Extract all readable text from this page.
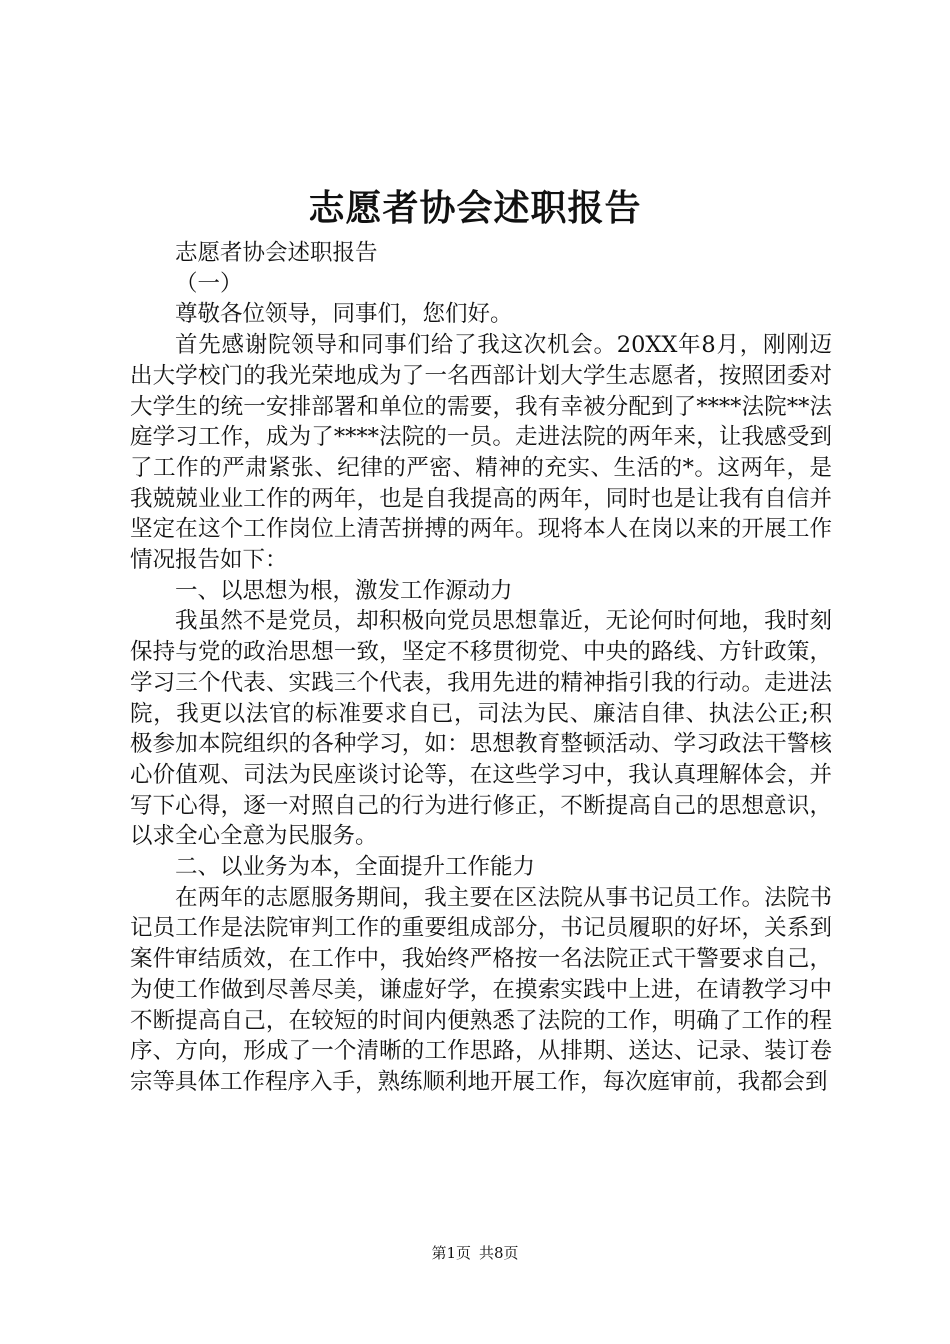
志愿者协会述职报告

志愿者协会述职报告

（一）

尊敬各位领导，同事们，您们好。

首先感谢院领导和同事们给了我这次机会。20XX年8月，刚刚迈出大学校门的我光荣地成为了一名西部计划大学生志愿者，按照团委对大学生的统一安排部署和单位的需要，我有幸被分配到了****法院**法庭学习工作，成为了****法院的一员。走进法院的两年来，让我感受到了工作的严肃紧张、纪律的严密、精神的充实、生活的*。这两年，是我兢兢业业工作的两年，也是自我提高的两年，同时也是让我有自信并坚定在这个工作岗位上清苦拼搏的两年。现将本人在岗以来的开展工作情况报告如下：

一、以思想为根，激发工作源动力

我虽然不是党员，却积极向党员思想靠近，无论何时何地，我时刻保持与党的政治思想一致，坚定不移贯彻党、中央的路线、方针政策，学习三个代表、实践三个代表，我用先进的精神指引我的行动。走进法院，我更以法官的标准要求自已，司法为民、廉洁自律、执法公正;积极参加本院组织的各种学习，如：思想教育整顿活动、学习政法干警核心价值观、司法为民座谈讨论等，在这些学习中，我认真理解体会，并写下心得，逐一对照自己的行为进行修正，不断提高自己的思想意识，以求全心全意为民服务。

二、以业务为本，全面提升工作能力

在两年的志愿服务期间，我主要在区法院从事书记员工作。法院书记员工作是法院审判工作的重要组成部分，书记员履职的好坏，关系到案件审结质效，在工作中，我始终严格按一名法院正式干警要求自己，为使工作做到尽善尽美，谦虚好学，在摸索实践中上进，在请教学习中不断提高自己，在较短的时间内便熟悉了法院的工作，明确了工作的程序、方向，形成了一个清晰的工作思路，从排期、送达、记录、装订卷宗等具体工作程序入手，熟练顺利地开展工作，每次庭审前，我都会到

第1页 共8页
